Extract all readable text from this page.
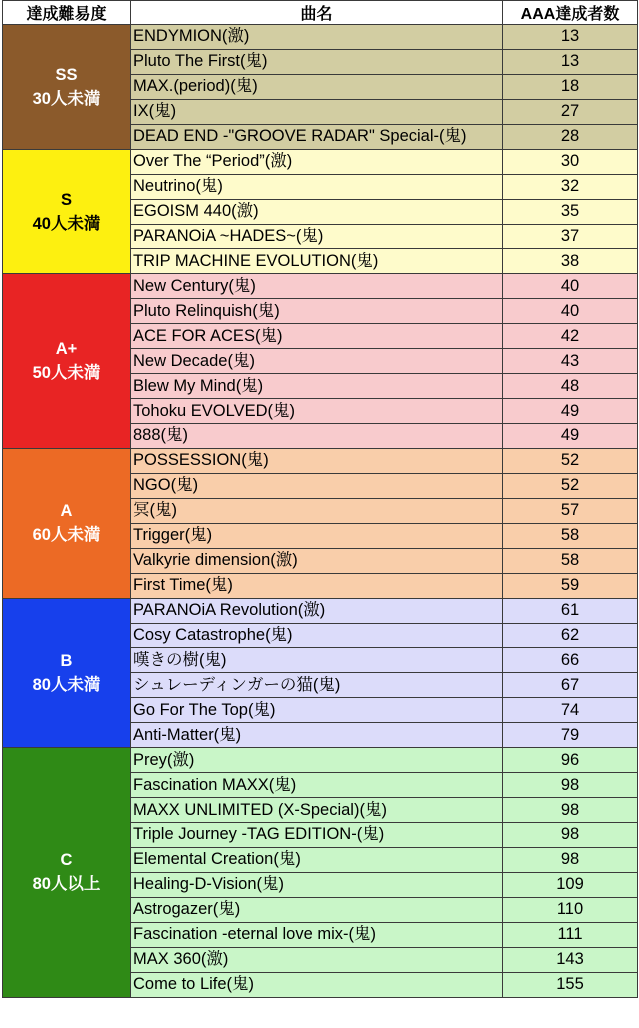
達成難易度	曲名	AAA達成者数

SS
30人未満	ENDYMION(激)	13
	Pluto The First(鬼)	13
	MAX.(period)(鬼)	18
	IX(鬼)	27
	DEAD END -"GROOVE RADAR" Special-(鬼)	28

S
40人未満	Over The “Period”(激)	30
	Neutrino(鬼)	32
	EGOISM 440(激)	35
	PARANOiA ~HADES~(鬼)	37
	TRIP MACHINE EVOLUTION(鬼)	38

A+
50人未満	New Century(鬼)	40
	Pluto Relinquish(鬼)	40
	ACE FOR ACES(鬼)	42
	New Decade(鬼)	43
	Blew My Mind(鬼)	48
	Tohoku EVOLVED(鬼)	49
	888(鬼)	49

A
60人未満	POSSESSION(鬼)	52
	NGO(鬼)	52
	冥(鬼)	57
	Trigger(鬼)	58
	Valkyrie dimension(激)	58
	First Time(鬼)	59

B
80人未満	PARANOiA Revolution(激)	61
	Cosy Catastrophe(鬼)	62
	嘆きの樹(鬼)	66
	シュレーディンガーの猫(鬼)	67
	Go For The Top(鬼)	74
	Anti-Matter(鬼)	79

C
80人以上	Prey(激)	96
	Fascination MAXX(鬼)	98
	MAXX UNLIMITED (X-Special)(鬼)	98
	Triple Journey -TAG EDITION-(鬼)	98
	Elemental Creation(鬼)	98
	Healing-D-Vision(鬼)	109
	Astrogazer(鬼)	110
	Fascination -eternal love mix-(鬼)	111
	MAX 360(激)	143
	Come to Life(鬼)	155
